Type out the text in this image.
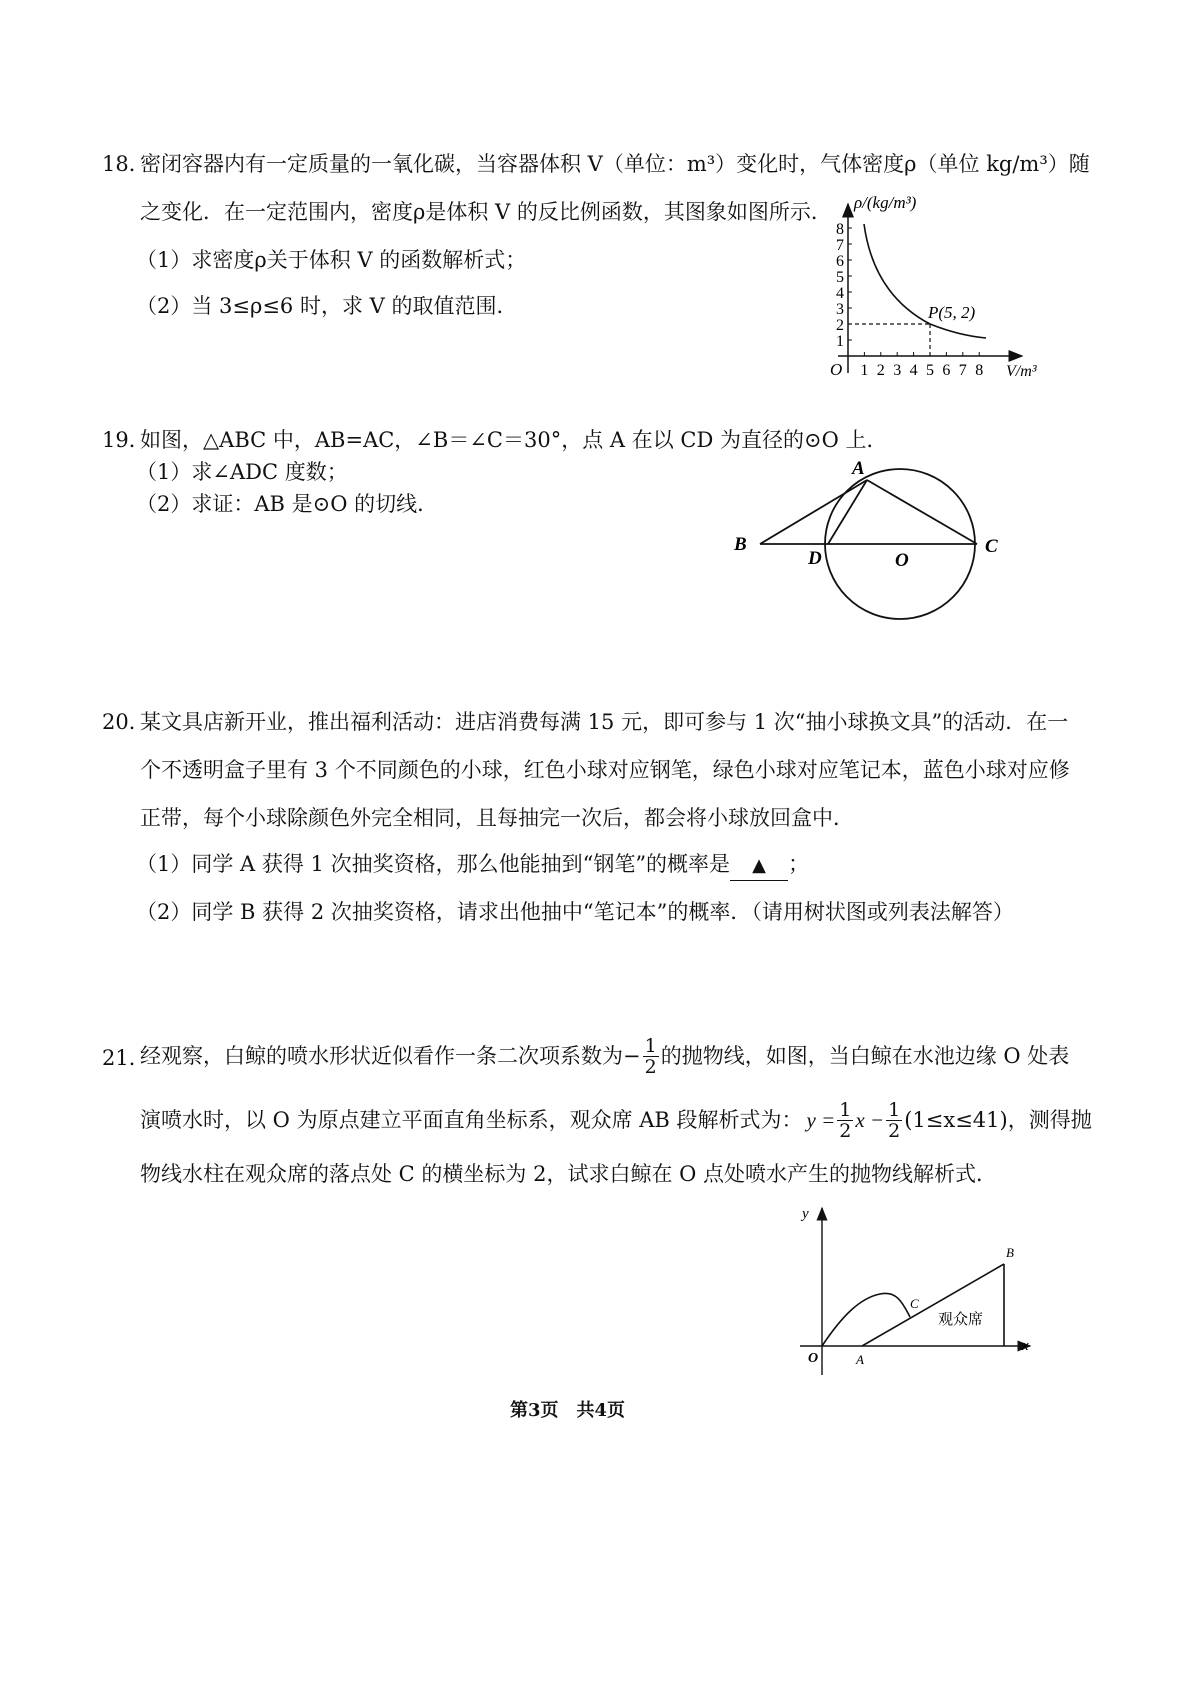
18．
密闭容器内有一定质量的一氧化碳，当容器体积 V（单位：m³）变化时，气体密度ρ（单位 kg/m³）随
之变化．在一定范围内，密度ρ是体积 V 的反比例函数，其图象如图所示．
（1）求密度ρ关于体积 V 的函数解析式；
（2）当 3≤ρ≤6 时，求 V 的取值范围．
ρ/(kg/m³)
V/m³
O 1 2 3 4 5 6 7 8
1
2
3
4
5
6
7
8
P(5, 2)
19．
如图，△ABC 中，AB=AC，∠B＝∠C＝30°，点 A 在以 CD 为直径的⊙O 上．
（1）求∠ADC 度数；
（2）求证：AB 是⊙O 的切线．
A
B	C
D	O
20．
某文具店新开业，推出福利活动：进店消费每满 15 元，即可参与 1 次“抽小球换文具”的活动．在一
个不透明盒子里有 3 个不同颜色的小球，红色小球对应钢笔，绿色小球对应笔记本，蓝色小球对应修
正带，每个小球除颜色外完全相同，且每抽完一次后，都会将小球放回盒中．
（1）同学 A 获得 1 次抽奖资格，那么他能抽到“钢笔”的概率是 ▲ ；
（2）同学 B 获得 2 次抽奖资格，请求出他抽中“笔记本”的概率．（请用树状图或列表法解答）
21．
经观察，白鲸的喷水形状近似看作一条二次项系数为 − $\frac{1}{2}$ 的抛物线，如图，当白鲸在水池边缘 O 处表
演喷水时，以 O 为原点建立平面直角坐标系，观众席 AB 段解析式为： $y = \frac{1}{2}$ $x - \frac{1}{2} (1\le x\le 41)$，测得抛
物线水柱在观众席的落点处 C 的横坐标为 2，试求白鲸在 O 点处喷水产生的抛物线解析式．
y
x
O	A
B
C
观众席
第3页　共4页
